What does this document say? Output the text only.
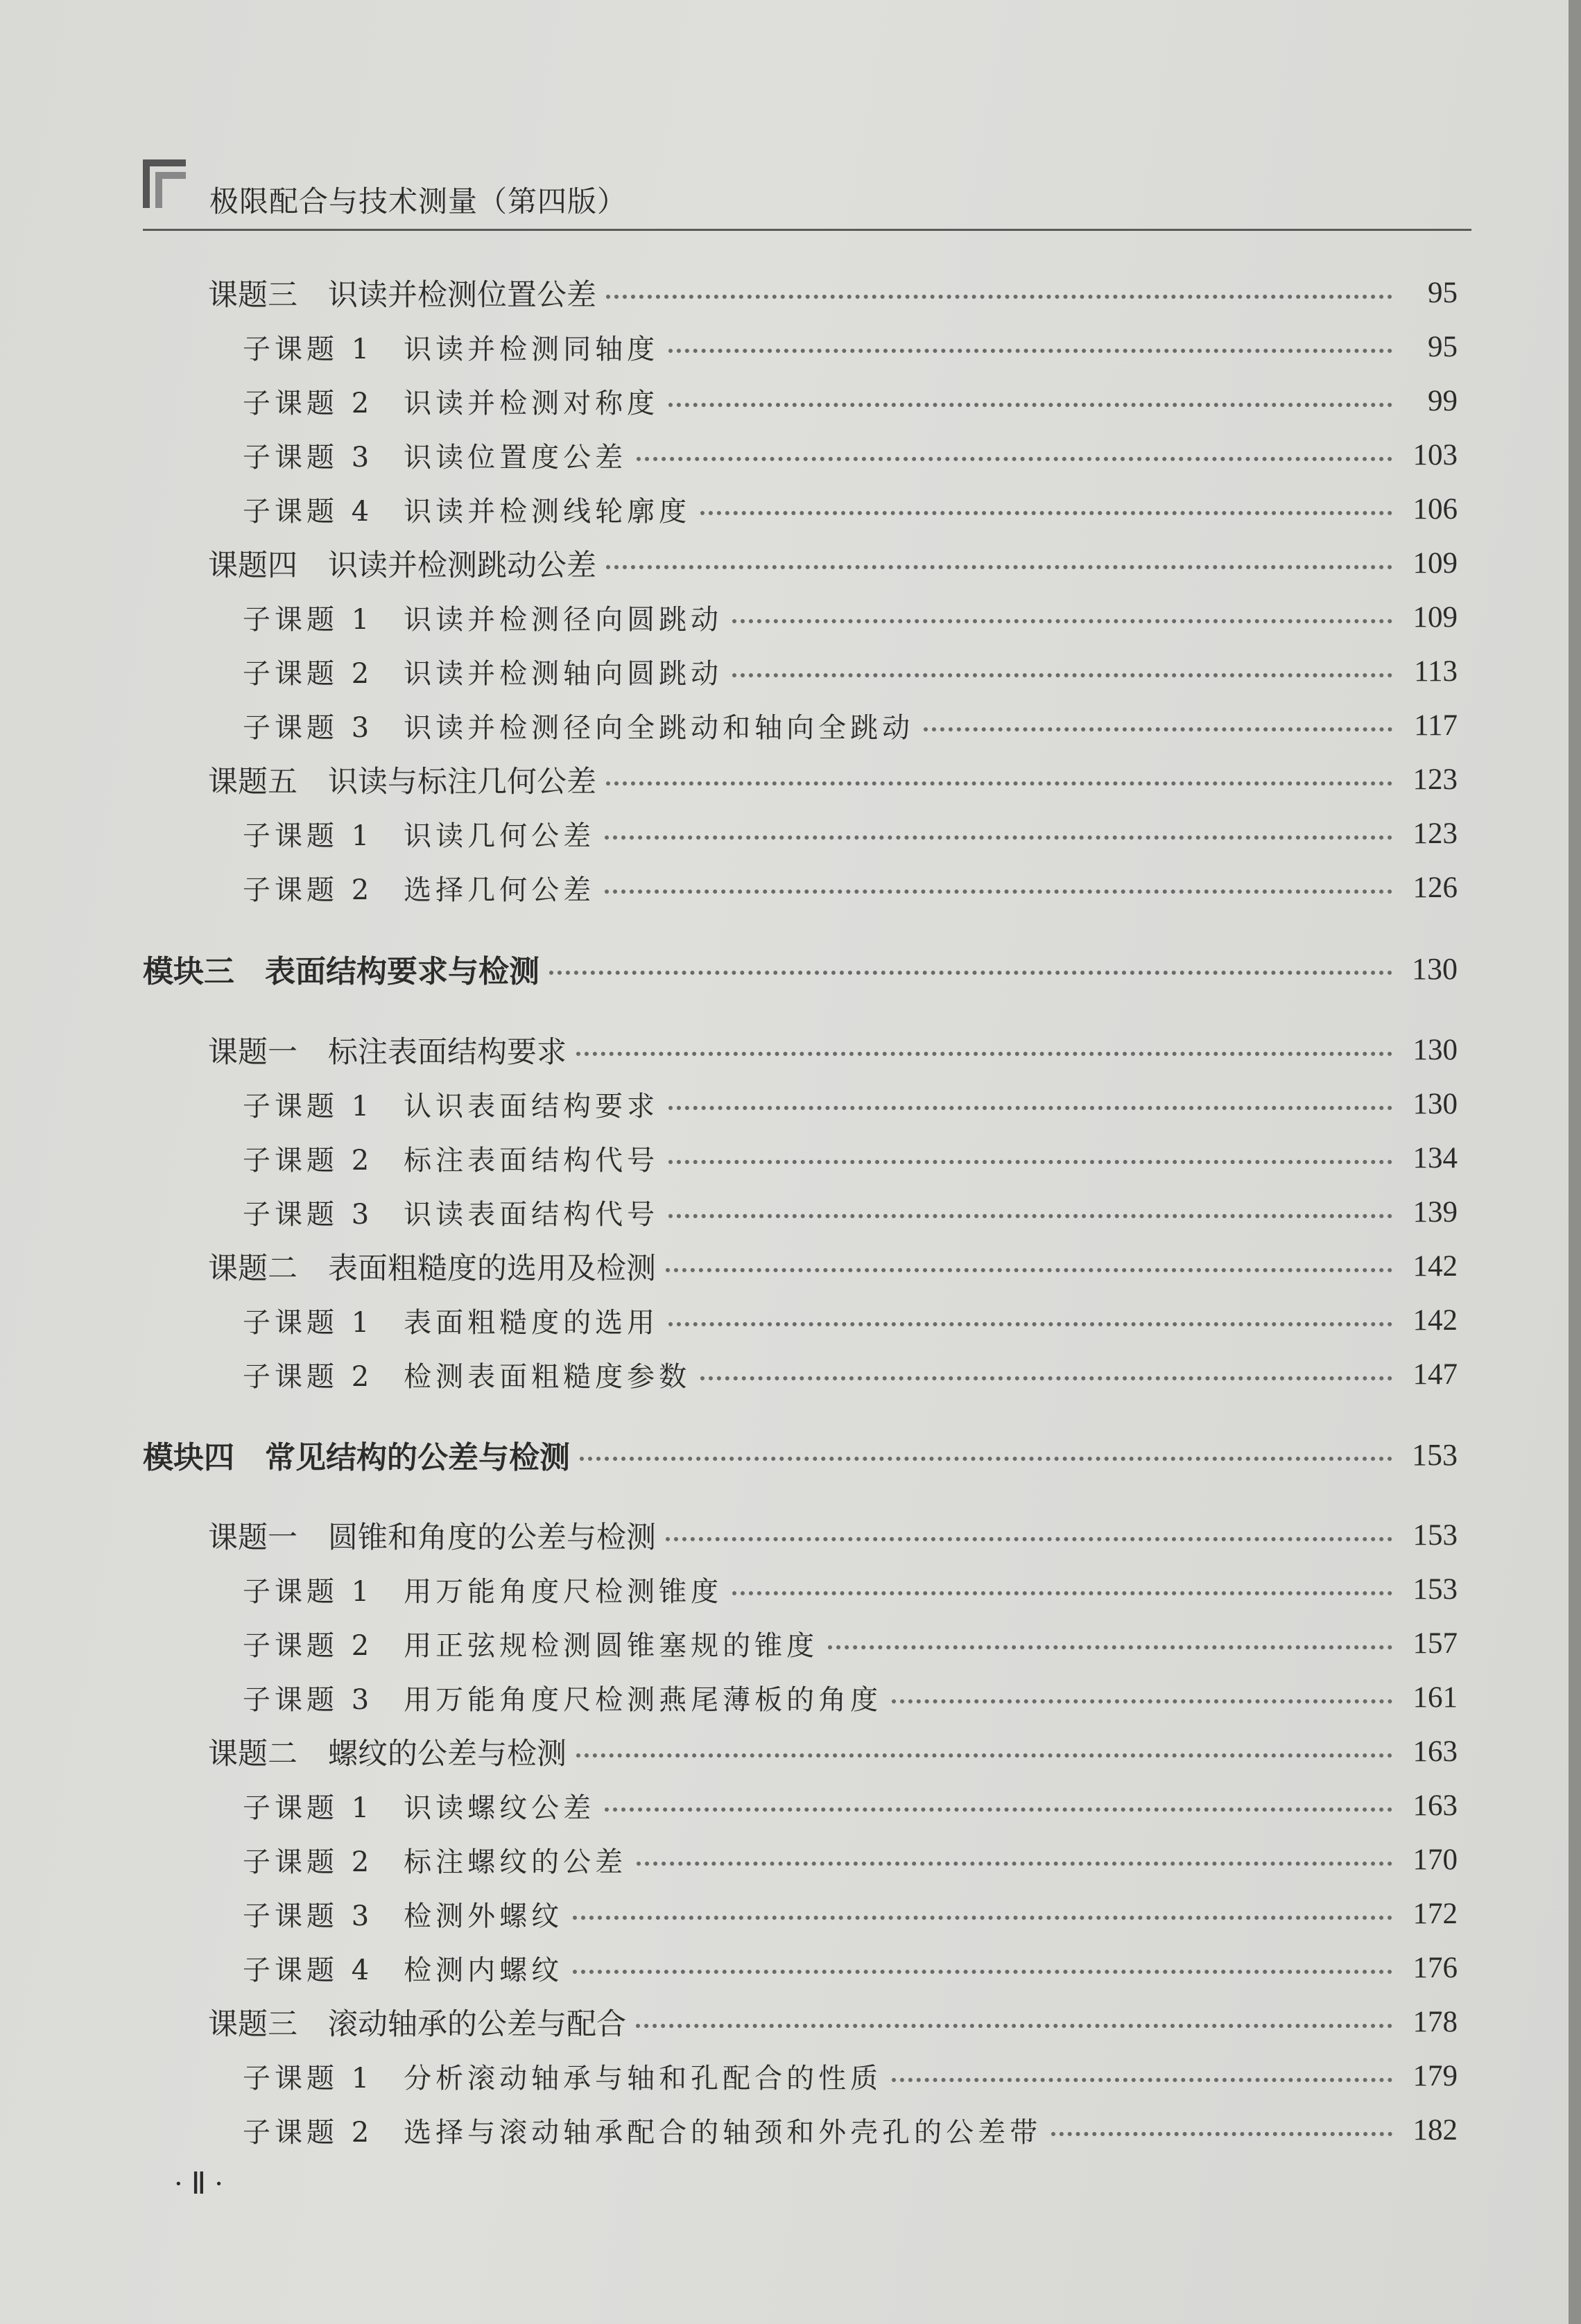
极限配合与技术测量（第四版）
课题三 识读并检测位置公差	95
子课题 1 识读并检测同轴度	95
子课题 2 识读并检测对称度	99
子课题 3 识读位置度公差	103
子课题 4 识读并检测线轮廓度	106
课题四 识读并检测跳动公差	109
子课题 1 识读并检测径向圆跳动	109
子课题 2 识读并检测轴向圆跳动	113
子课题 3 识读并检测径向全跳动和轴向全跳动	117
课题五 识读与标注几何公差	123
子课题 1 识读几何公差	123
子课题 2 选择几何公差	126
模块三 表面结构要求与检测	130
课题一 标注表面结构要求	130
子课题 1 认识表面结构要求	130
子课题 2 标注表面结构代号	134
子课题 3 识读表面结构代号	139
课题二 表面粗糙度的选用及检测	142
子课题 1 表面粗糙度的选用	142
子课题 2 检测表面粗糙度参数	147
模块四 常见结构的公差与检测	153
课题一 圆锥和角度的公差与检测	153
子课题 1 用万能角度尺检测锥度	153
子课题 2 用正弦规检测圆锥塞规的锥度	157
子课题 3 用万能角度尺检测燕尾薄板的角度	161
课题二 螺纹的公差与检测	163
子课题 1 识读螺纹公差	163
子课题 2 标注螺纹的公差	170
子课题 3 检测外螺纹	172
子课题 4 检测内螺纹	176
课题三 滚动轴承的公差与配合	178
子课题 1 分析滚动轴承与轴和孔配合的性质	179
子课题 2 选择与滚动轴承配合的轴颈和外壳孔的公差带	182
· Ⅱ ·
